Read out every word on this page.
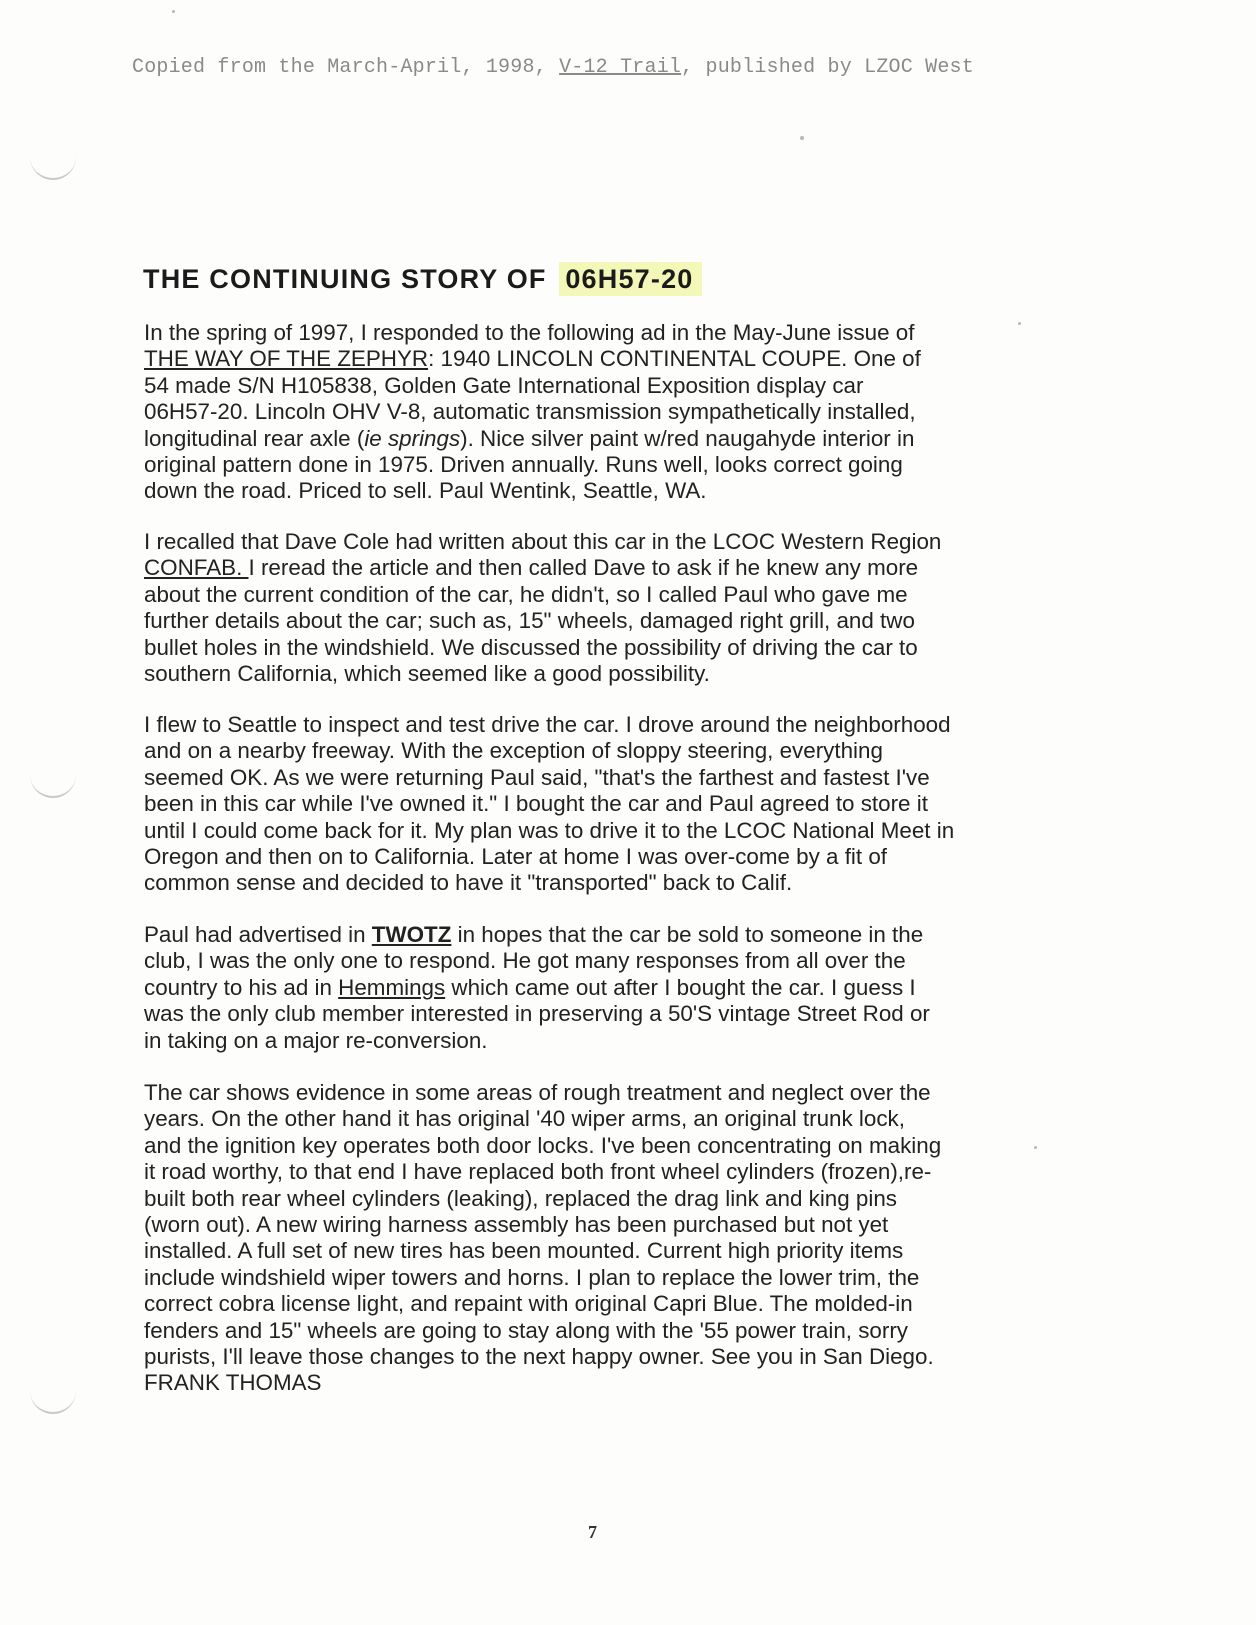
Copied from the March-April, 1998, V-12 Trail, published by LZOC West
THE CONTINUING STORY OF 06H57-20
In the spring of 1997, I responded to the following ad in the May-June issue of
THE WAY OF THE ZEPHYR: 1940 LINCOLN CONTINENTAL COUPE. One of
54 made S/N H105838, Golden Gate International Exposition display car
06H57-20. Lincoln OHV V-8, automatic transmission sympathetically installed,
longitudinal rear axle (ie springs). Nice silver paint w/red naugahyde interior in
original pattern done in 1975. Driven annually. Runs well, looks correct going
down the road. Priced to sell. Paul Wentink, Seattle, WA.
I recalled that Dave Cole had written about this car in the LCOC Western Region
CONFAB. I reread the article and then called Dave to ask if he knew any more
about the current condition of the car, he didn't, so I called Paul who gave me
further details about the car; such as, 15" wheels, damaged right grill, and two
bullet holes in the windshield. We discussed the possibility of driving the car to
southern California, which seemed like a good possibility.
I flew to Seattle to inspect and test drive the car. I drove around the neighborhood
and on a nearby freeway. With the exception of sloppy steering, everything
seemed OK. As we were returning Paul said, "that's the farthest and fastest I've
been in this car while I've owned it." I bought the car and Paul agreed to store it
until I could come back for it. My plan was to drive it to the LCOC National Meet in
Oregon and then on to California. Later at home I was over-come by a fit of
common sense and decided to have it "transported" back to Calif.
Paul had advertised in TWOTZ in hopes that the car be sold to someone in the
club, I was the only one to respond. He got many responses from all over the
country to his ad in Hemmings which came out after I bought the car. I guess I
was the only club member interested in preserving a 50'S vintage Street Rod or
in taking on a major re-conversion.
The car shows evidence in some areas of rough treatment and neglect over the
years. On the other hand it has original '40 wiper arms, an original trunk lock,
and the ignition key operates both door locks. I've been concentrating on making
it road worthy, to that end I have replaced both front wheel cylinders (frozen),re-
built both rear wheel cylinders (leaking), replaced the drag link and king pins
(worn out). A new wiring harness assembly has been purchased but not yet
installed. A full set of new tires has been mounted. Current high priority items
include windshield wiper towers and horns. I plan to replace the lower trim, the
correct cobra license light, and repaint with original Capri Blue. The molded-in
fenders and 15" wheels are going to stay along with the '55 power train, sorry
purists, I'll leave those changes to the next happy owner. See you in San Diego.
FRANK THOMAS
7
